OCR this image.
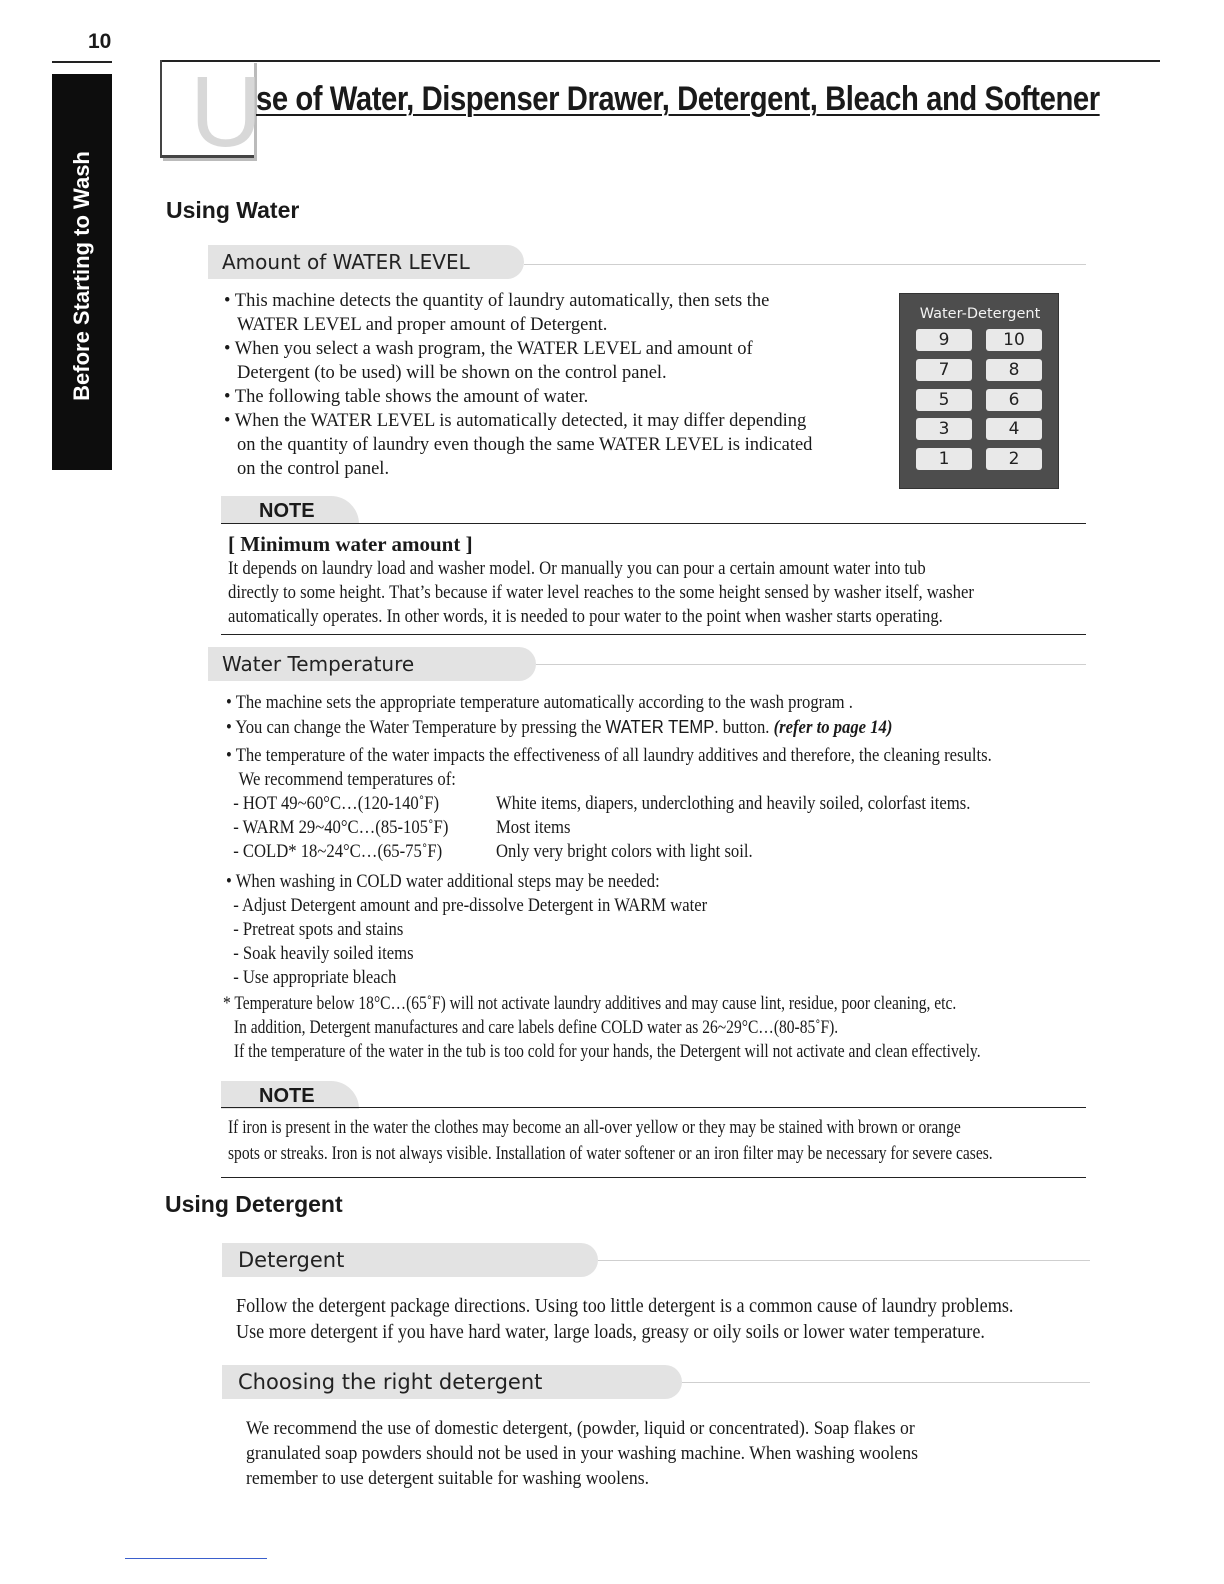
10
Before Starting to Wash
U
se of Water, Dispenser Drawer, Detergent, Bleach and Softener
Using Water
Amount of WATER LEVEL
• This machine detects the quantity of laundry automatically, then sets the
WATER LEVEL and proper amount of Detergent.
• When you select a wash program, the WATER LEVEL and amount of
Detergent (to be used) will be shown on the control panel.
• The following table shows the amount of water.
• When the WATER LEVEL is automatically detected, it may differ depending
on the quantity of laundry even though the same WATER LEVEL is indicated
on the control panel.
Water-Detergent
9	10
7	8
5	6
3	4
1	2
NOTE
[ Minimum water amount ]
It depends on laundry load and washer model. Or manually you can pour a certain amount water into tub
directly to some height. That’s because if water level reaches to the some height sensed by washer itself, washer
automatically operates. In other words, it is needed to pour water to the point when washer starts operating.
Water Temperature
• The machine sets the appropriate temperature automatically according to the wash program .
• You can change the Water Temperature by pressing the WATER TEMP. button. (refer to page 14)
• The temperature of the water impacts the effectiveness of all laundry additives and therefore, the cleaning results.
We recommend temperatures of:
- HOT 49~60°C…(120-140˚F)	White items, diapers, underclothing and heavily soiled, colorfast items.
- WARM 29~40°C…(85-105˚F)	Most items
- COLD* 18~24°C…(65-75˚F)	Only very bright colors with light soil.
• When washing in COLD water additional steps may be needed:
- Adjust Detergent amount and pre-dissolve Detergent in WARM water
- Pretreat spots and stains
- Soak heavily soiled items
- Use appropriate bleach
* Temperature below 18°C…(65˚F) will not activate laundry additives and may cause lint, residue, poor cleaning, etc.
In addition, Detergent manufactures and care labels define COLD water as 26~29°C…(80-85˚F).
If the temperature of the water in the tub is too cold for your hands, the Detergent will not activate and clean effectively.
NOTE
If iron is present in the water the clothes may become an all-over yellow or they may be stained with brown or orange
spots or streaks. Iron is not always visible. Installation of water softener or an iron filter may be necessary for severe cases.
Using Detergent
Detergent
Follow the detergent package directions. Using too little detergent is a common cause of laundry problems.
Use more detergent if you have hard water, large loads, greasy or oily soils or lower water temperature.
Choosing the right detergent
We recommend the use of domestic detergent, (powder, liquid or concentrated). Soap flakes or
granulated soap powders should not be used in your washing machine. When washing woolens
remember to use detergent suitable for washing woolens.
